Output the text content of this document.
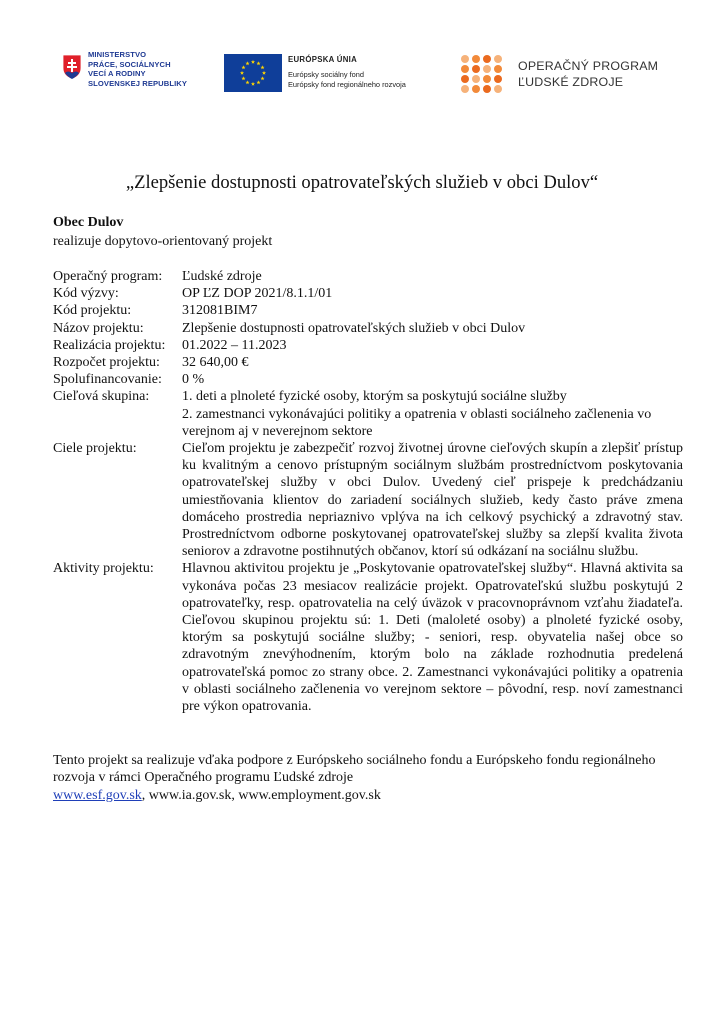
MINISTERSTVO
PRÁCE, SOCIÁLNYCH
VECÍ A RODINY
SLOVENSKEJ REPUBLIKY
EURÓPSKA ÚNIA
Európsky sociálny fond
Európsky fond regionálneho rozvoja
OPERAČNÝ PROGRAM
ĽUDSKÉ ZDROJE
„Zlepšenie dostupnosti opatrovateľských služieb v obci Dulov“
Obec Dulov
realizuje dopytovo-orientovaný projekt
Operačný program:	Ľudské zdroje
Kód výzvy:	OP ĽZ DOP 2021/8.1.1/01
Kód projektu:	312081BIM7
Názov projektu:	Zlepšenie dostupnosti opatrovateľských služieb v obci Dulov
Realizácia projektu:	01.2022 – 11.2023
Rozpočet projektu:	32 640,00 €
Spolufinancovanie:	0 %
Cieľová skupina:	1. deti a plnoleté fyzické osoby, ktorým sa poskytujú sociálne služby

2. zamestnanci vykonávajúci politiky a opatrenia v oblasti sociálneho začlenenia vo verejnom aj v neverejnom sektore

Ciele projektu:	Cieľom projektu je zabezpečiť rozvoj životnej úrovne cieľových skupín a zlepšiť prístup ku kvalitným a cenovo prístupným sociálnym službám prostredníctvom poskytovania opatrovateľskej služby v obci Dulov. Uvedený cieľ prispeje k predchádzaniu umiestňovania klientov do zariadení sociálnych služieb, kedy často práve zmena domáceho prostredia nepriaznivo vplýva na ich celkový psychický a zdravotný stav. Prostredníctvom odborne poskytovanej opatrovateľskej služby sa zlepší kvalita života seniorov a zdravotne postihnutých občanov, ktorí sú odkázaní na sociálnu službu.
Aktivity projektu:	Hlavnou aktivitou projektu je „Poskytovanie opatrovateľskej služby“. Hlavná aktivita sa vykonáva počas 23 mesiacov realizácie projekt. Opatrovateľskú službu poskytujú 2 opatrovateľky, resp. opatrovatelia na celý úväzok v pracovnoprávnom vzťahu žiadateľa. Cieľovou skupinou projektu sú: 1. Deti (maloleté osoby) a plnoleté fyzické osoby, ktorým sa poskytujú sociálne služby; - seniori, resp. obyvatelia našej obce so zdravotným znevýhodnením, ktorým bolo na základe rozhodnutia predelená opatrovateľská pomoc zo strany obce. 2. Zamestnanci vykonávajúci politiky a opatrenia v oblasti sociálneho začlenenia vo verejnom sektore – pôvodní, resp. noví zamestnanci pre výkon opatrovania.
Tento projekt sa realizuje vďaka podpore z Európskeho sociálneho fondu a Európskeho fondu regionálneho rozvoja v rámci Operačného programu Ľudské zdroje
www.esf.gov.sk, www.ia.gov.sk, www.employment.gov.sk
